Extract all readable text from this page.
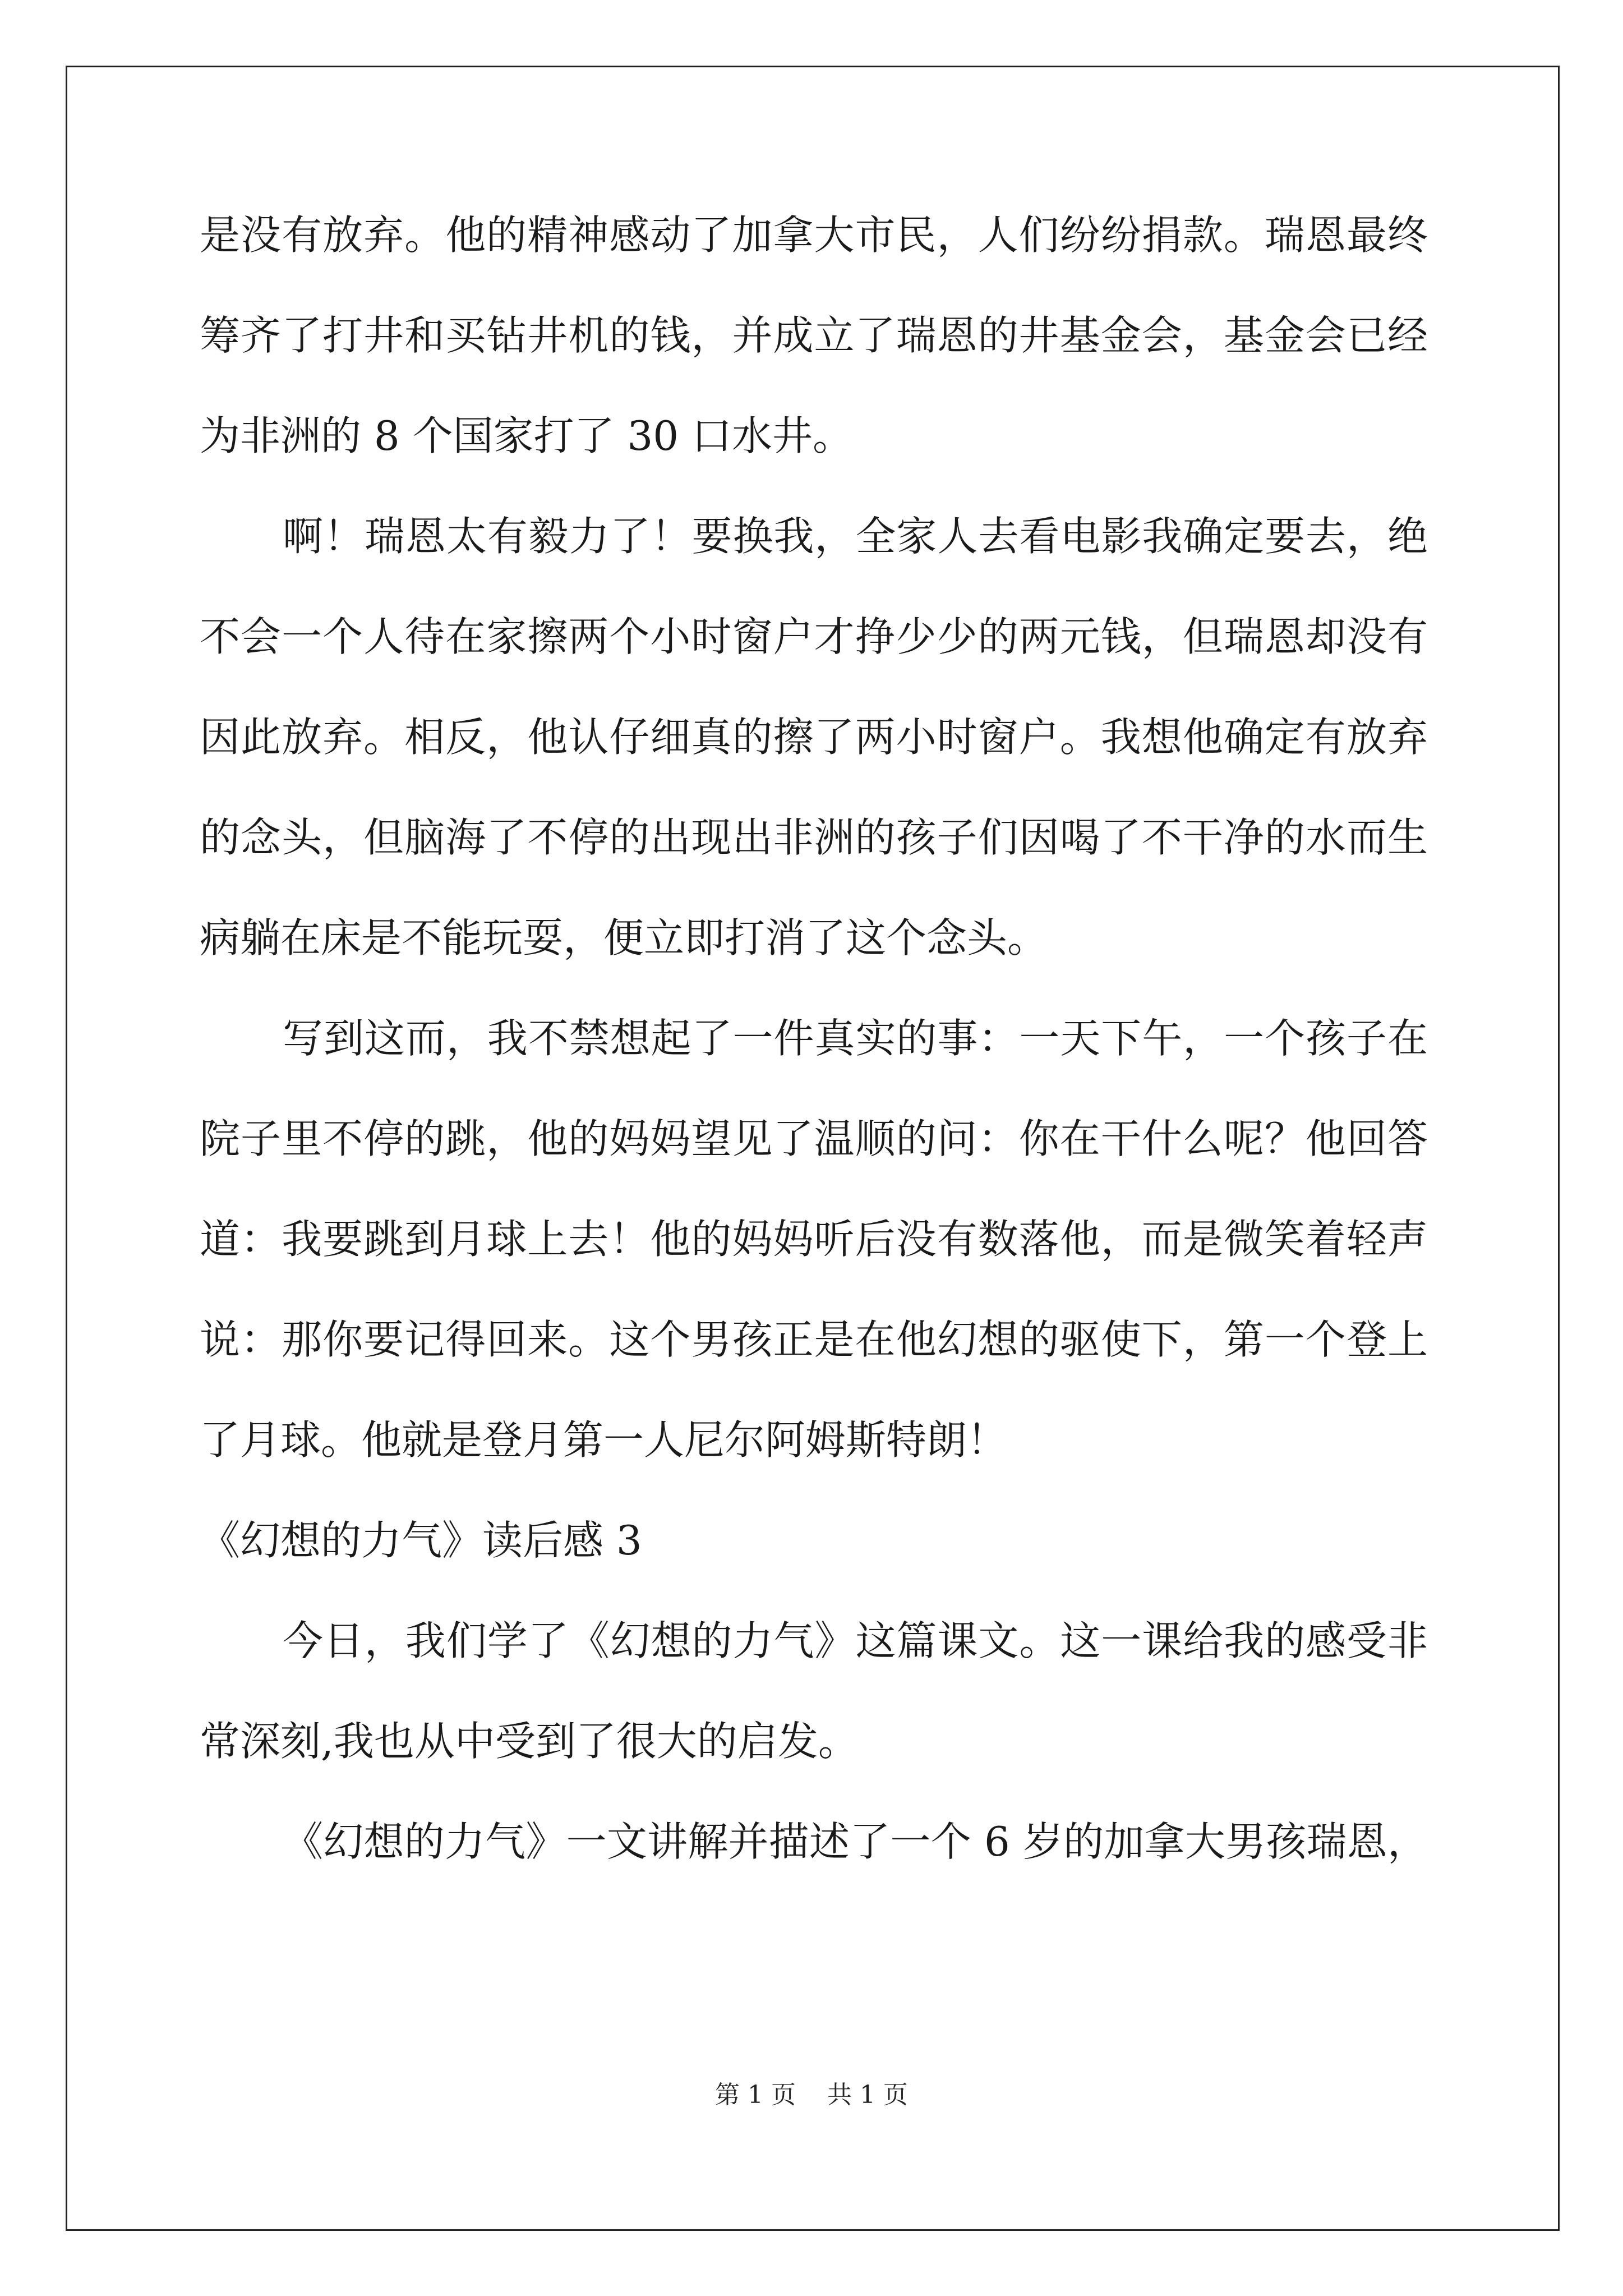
是没有放弃。他的精神感动了加拿大市民，人们纷纷捐款。瑞恩最终
筹齐了打井和买钻井机的钱，并成立了瑞恩的井基金会，基金会已经
为非洲的 8 个国家打了 30 口水井。
啊！瑞恩太有毅力了！要换我，全家人去看电影我确定要去，绝
不会一个人待在家擦两个小时窗户才挣少少的两元钱，但瑞恩却没有
因此放弃。相反，他认仔细真的擦了两小时窗户。我想他确定有放弃
的念头，但脑海了不停的出现出非洲的孩子们因喝了不干净的水而生
病躺在床是不能玩耍，便立即打消了这个念头。
写到这而，我不禁想起了一件真实的事：一天下午，一个孩子在
院子里不停的跳，他的妈妈望见了温顺的问：你在干什么呢？他回答
道：我要跳到月球上去！他的妈妈听后没有数落他，而是微笑着轻声
说：那你要记得回来。这个男孩正是在他幻想的驱使下，第一个登上
了月球。他就是登月第一人尼尔阿姆斯特朗！
《幻想的力气》读后感 3
今日，我们学了《幻想的力气》这篇课文。这一课给我的感受非
常深刻,我也从中受到了很大的启发。
《幻想的力气》一文讲解并描述了一个 6 岁的加拿大男孩瑞恩，
第 1 页 共 1 页
